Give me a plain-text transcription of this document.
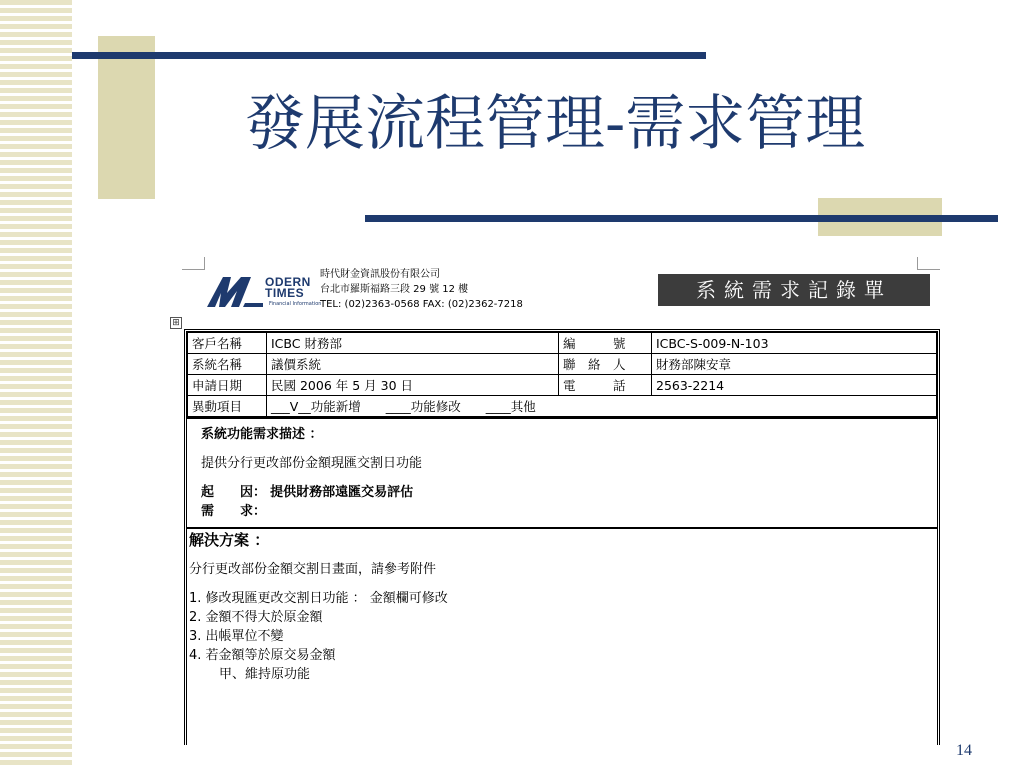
發展流程管理-需求管理
ODERN
TIMES
Financial Information
時代財金資訊股份有限公司
台北市羅斯福路三段 29 號 12 樓
TEL: (02)2363-0568 FAX: (02)2362-7218
系統需求記錄單
⊞
客戶名稱	ICBC 財務部	編　　　號	ICBC-S-009-N-103
系統名稱	議價系統	聯　絡　人	財務部陳安章
申請日期	民國 2006 年 5 月 30 日	電　　　話	2563-2214
異動項目	___V__功能新增　　____功能修改　　____其他		
系統功能需求描述 ：
提供分行更改部份金額現匯交割日功能
起　　因： 提供財務部遠匯交易評估
需　　求：
解決方案 ：
分行更改部份金額交割日畫面，請參考附件
1. 修改現匯更改交割日功能 ： 金額欄可修改
2. 金額不得大於原金額
3. 出帳單位不變
4. 若金額等於原交易金額
甲、維持原功能
14
